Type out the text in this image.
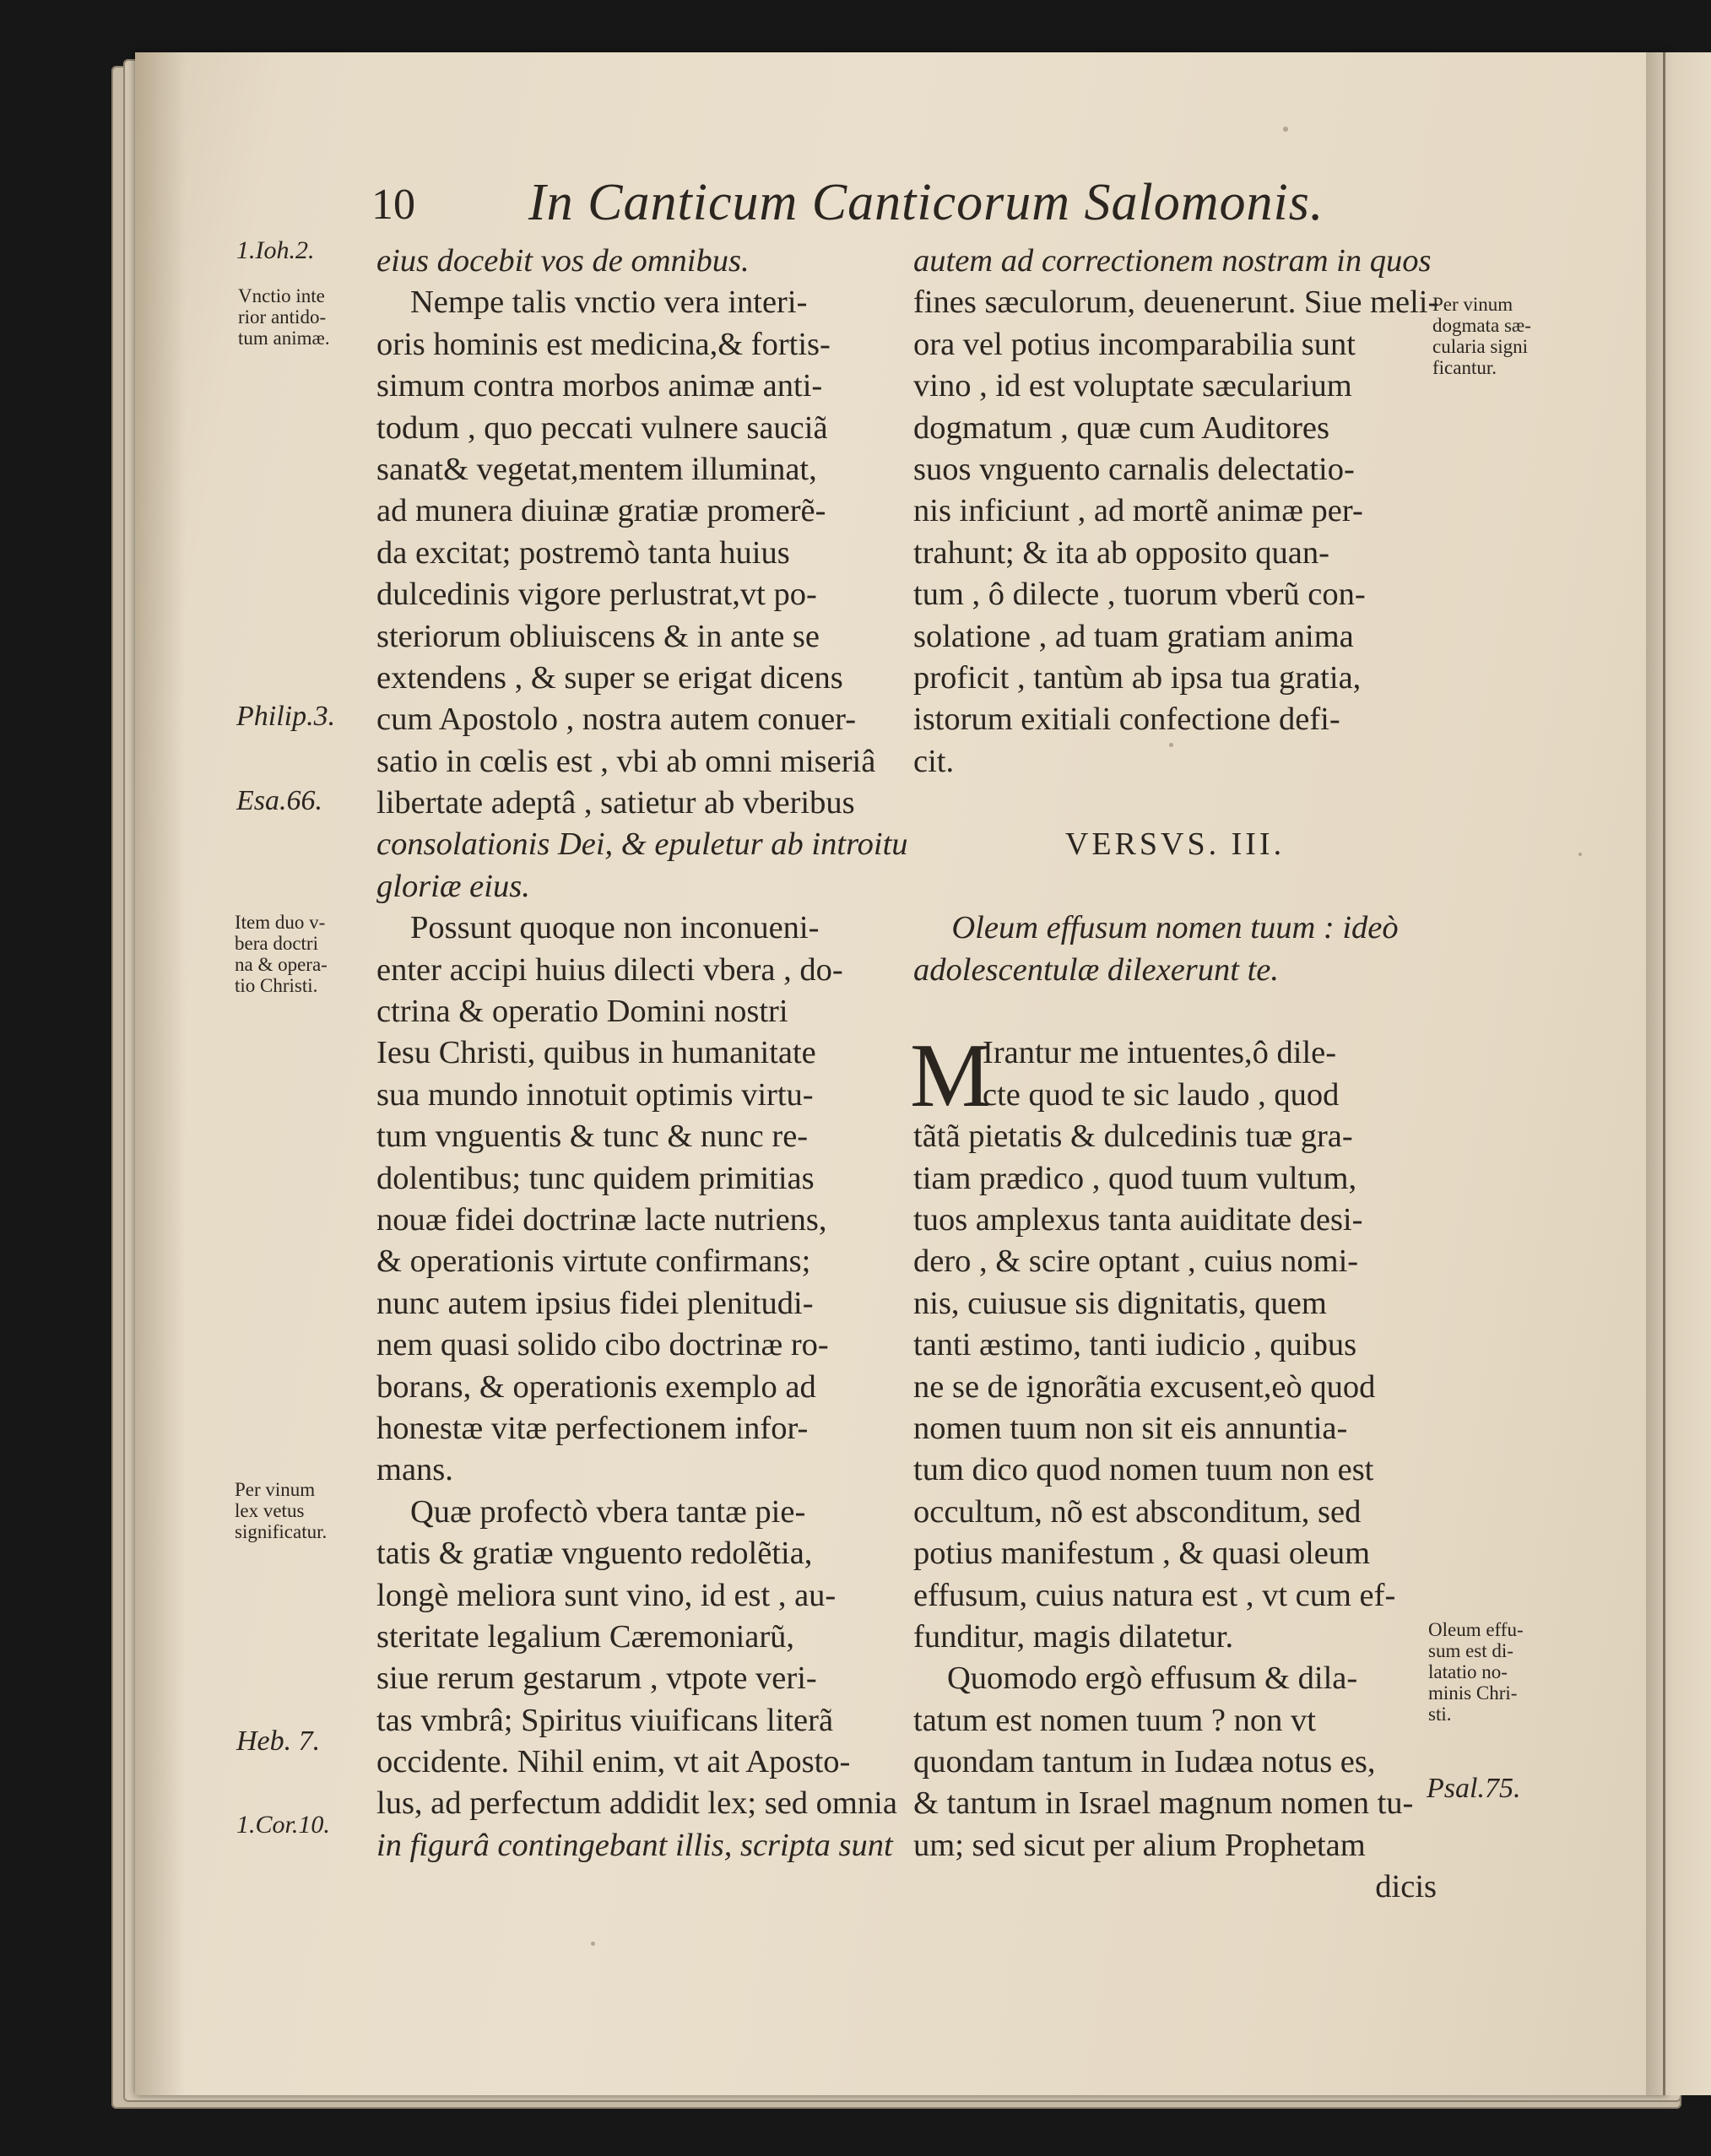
10 In Canticum Canticorum Salomonis.
eius docebit vos de omnibus.
Nempe talis vnctio vera interi-
oris hominis est medicina,& fortis-
simum contra morbos animæ anti-
todum , quo peccati vulnere sauciã
sanat& vegetat,mentem illuminat,
ad munera diuinæ gratiæ promerẽ-
da excitat; postremò tanta huius
dulcedinis vigore perlustrat,vt po-
steriorum obliuiscens & in ante se
extendens , & super se erigat dicens
cum Apostolo , nostra autem conuer-
satio in cœlis est , vbi ab omni miseriâ
libertate adeptâ , satietur ab vberibus
consolationis Dei, & epuletur ab introitu
gloriæ eius.
Possunt quoque non inconueni-
enter accipi huius dilecti vbera , do-
ctrina & operatio Domini nostri
Iesu Christi, quibus in humanitate
sua mundo innotuit optimis virtu-
tum vnguentis & tunc & nunc re-
dolentibus; tunc quidem primitias
nouæ fidei doctrinæ lacte nutriens,
& operationis virtute confirmans;
nunc autem ipsius fidei plenitudi-
nem quasi solido cibo doctrinæ ro-
borans, & operationis exemplo ad
honestæ vitæ perfectionem infor-
mans.
Quæ profectò vbera tantæ pie-
tatis & gratiæ vnguento redolẽtia,
longè meliora sunt vino, id est , au-
steritate legalium Cæremoniarũ,
siue rerum gestarum , vtpote veri-
tas vmbrâ; Spiritus viuificans literã
occidente. Nihil enim, vt ait Aposto-
lus, ad perfectum addidit lex; sed omnia
in figurâ contingebant illis, scripta sunt
autem ad correctionem nostram in quos
fines sæculorum, deuenerunt. Siue meli-
ora vel potius incomparabilia sunt
vino , id est voluptate sæcularium
dogmatum , quæ cum Auditores
suos vnguento carnalis delectatio-
nis inficiunt , ad mortẽ animæ per-
trahunt; & ita ab opposito quan-
tum , ô dilecte , tuorum vberũ con-
solatione , ad tuam gratiam anima
proficit , tantùm ab ipsa tua gratia,
istorum exitiali confectione defi-
cit.
VERSVS. III.
Oleum effusum nomen tuum : ideò
adolescentulæ dilexerunt te.
M
Irantur me intuentes,ô dile-
cte quod te sic laudo , quod
tãtã pietatis & dulcedinis tuæ gra-
tiam prædico , quod tuum vultum,
tuos amplexus tanta auiditate desi-
dero , & scire optant , cuius nomi-
nis, cuiusue sis dignitatis, quem
tanti æstimo, tanti iudicio , quibus
ne se de ignorãtia excusent,eò quod
nomen tuum non sit eis annuntia-
tum dico quod nomen tuum non est
occultum, nõ est absconditum, sed
potius manifestum , & quasi oleum
effusum, cuius natura est , vt cum ef-
funditur, magis dilatetur.
Quomodo ergò effusum & dila-
tatum est nomen tuum ? non vt
quondam tantum in Iudæa notus es,
& tantum in Israel magnum nomen tu-
um; sed sicut per alium Prophetam
dicis
1.Ioh.2.
Vnctio inte
rior antido-
tum animæ.
Philip.3.
Esa.66.
Item duo v-
bera doctri
na & opera-
tio Christi.
Per vinum
lex vetus
significatur.
Heb. 7.
1.Cor.10.
Per vinum
dogmata sæ-
cularia signi
ficantur.
Oleum effu-
sum est di-
latatio no-
minis Chri-
sti.
Psal.75.
